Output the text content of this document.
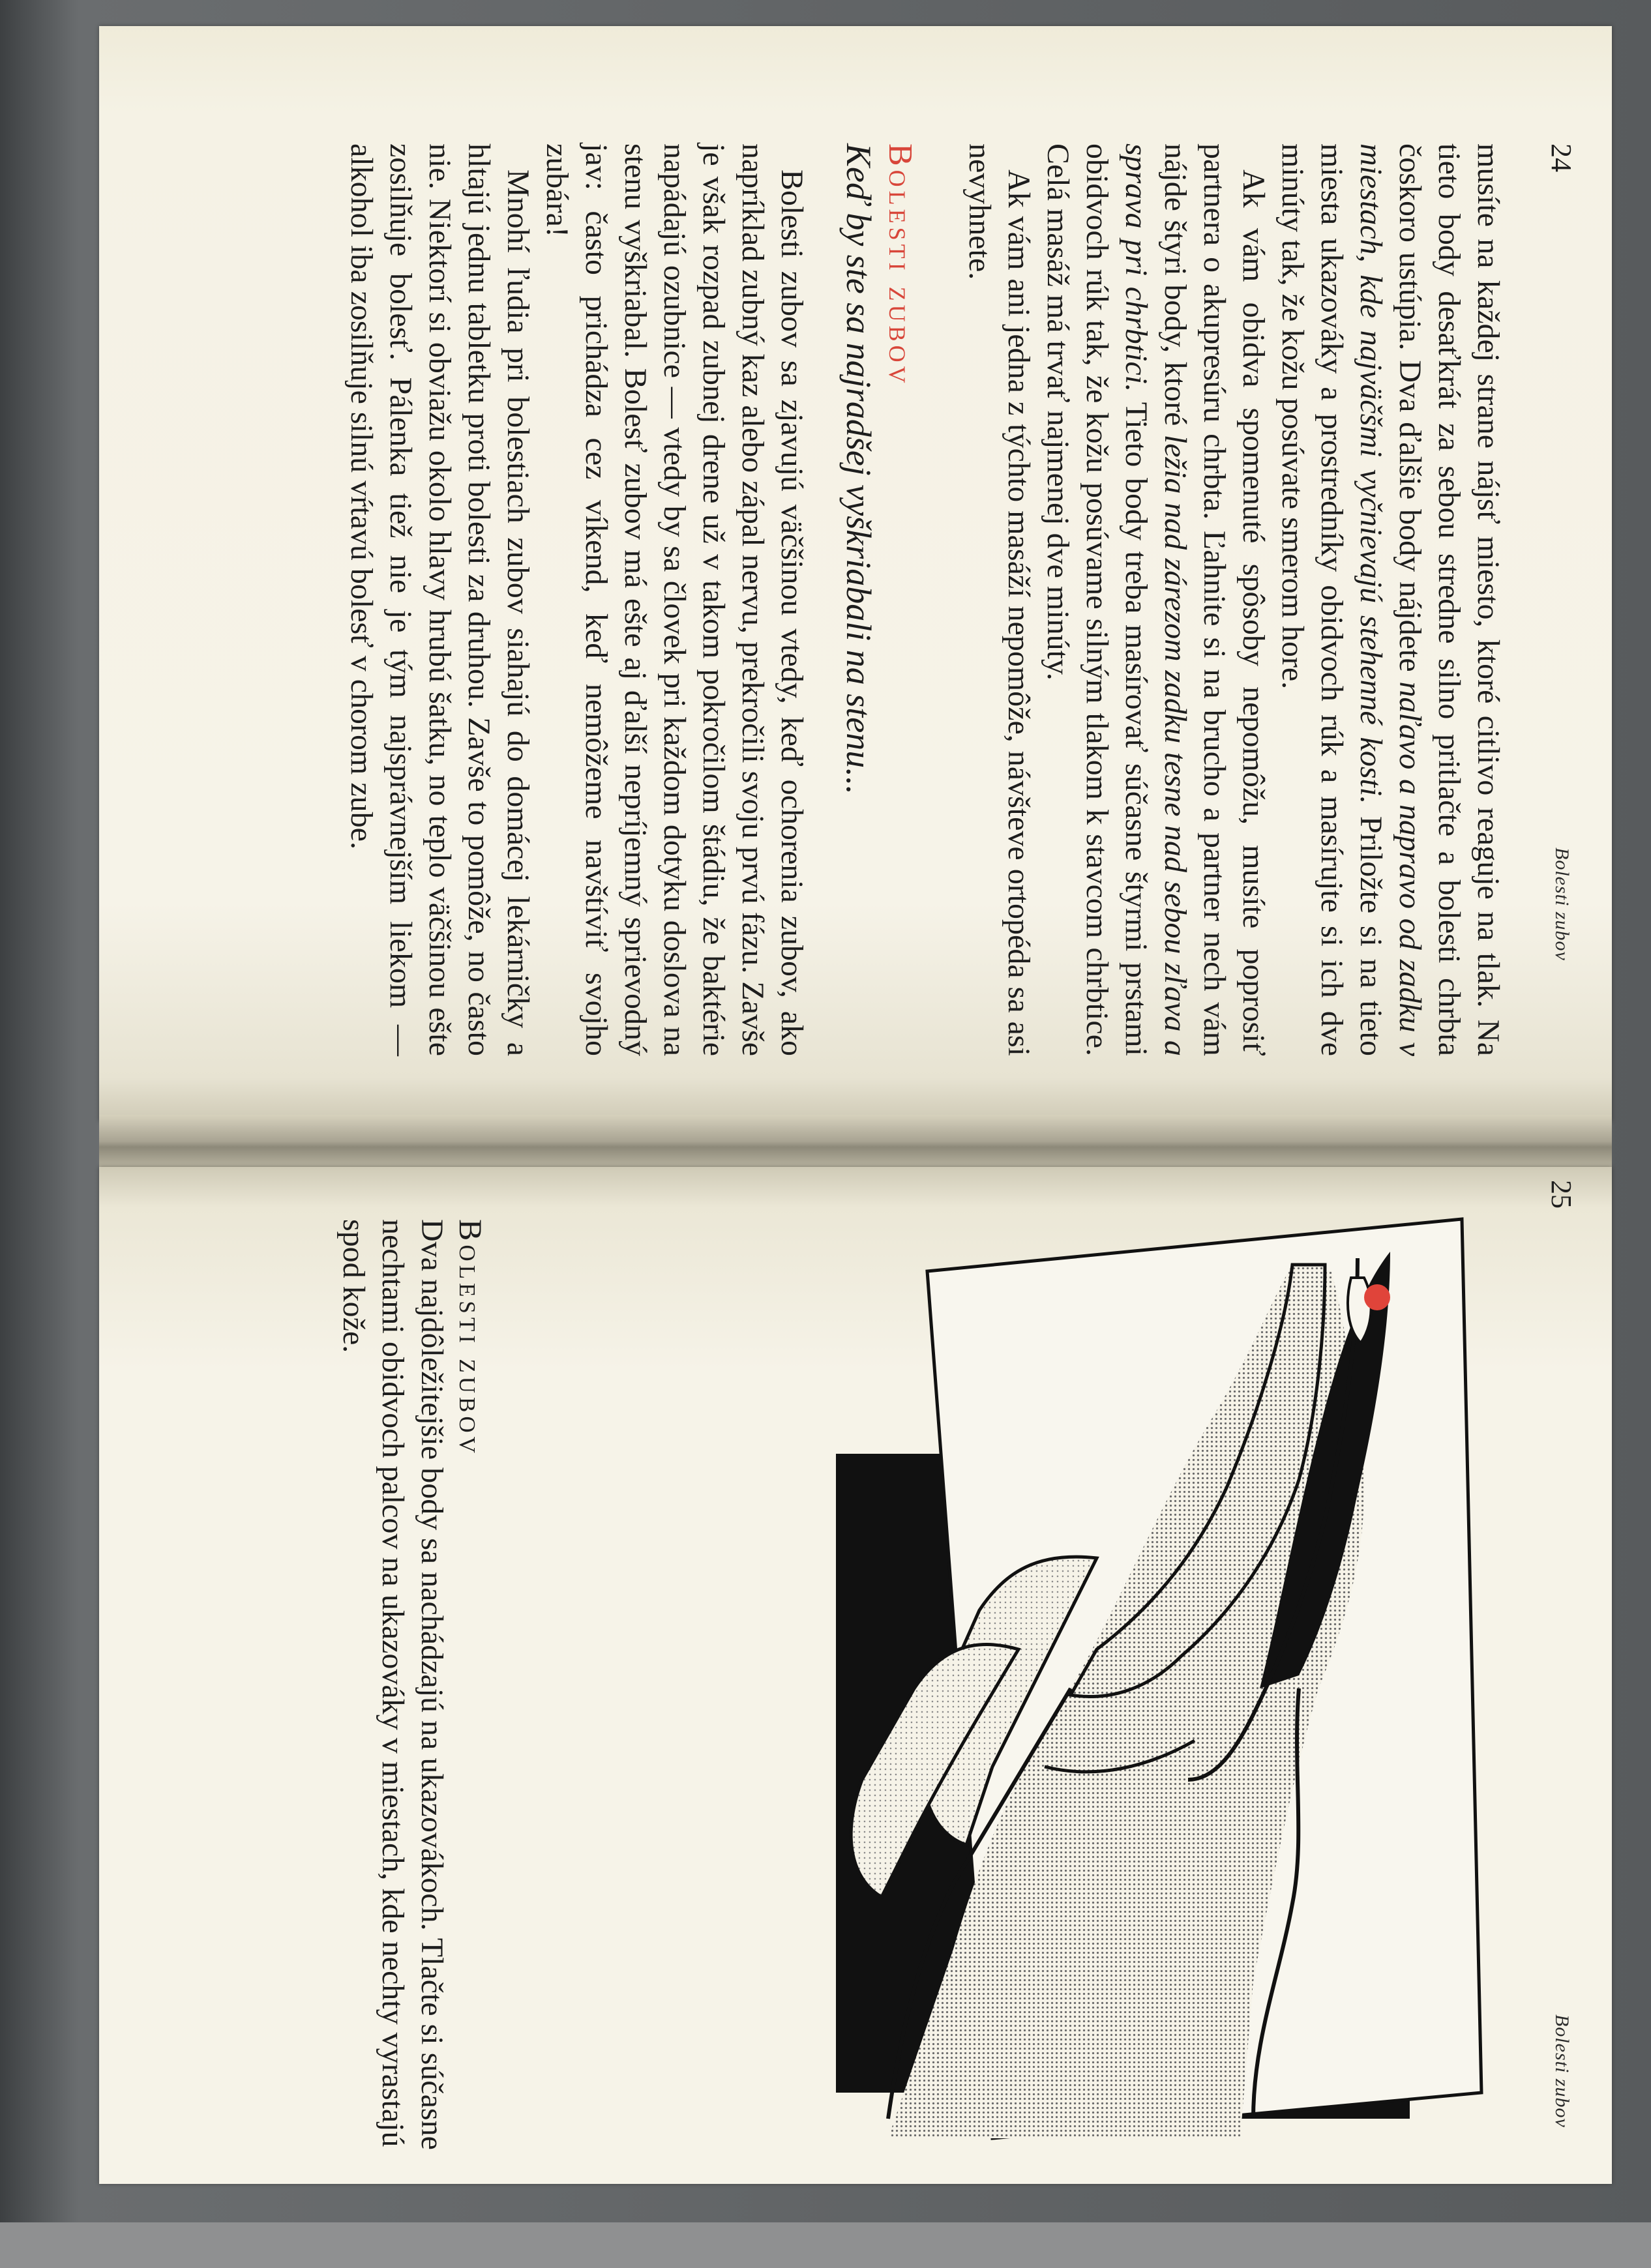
Bolesti zubov
24

musíte na každej strane nájsť miesto, ktoré citlivo reaguje na tlak. Na tieto body desaťkrát za sebou stredne silno pritlačte a bolesti chrbta čoskoro ustúpia. Dva ďalšie body nájdete naľavo a napravo od zadku v miestach, kde najväčšmi vyčnievajú stehenné kosti. Priložte si na tieto miesta ukazováky a prostredníky obidvoch rúk a masírujte si ich dve minúty tak, že kožu posúvate smerom hore.

Ak vám obidva spomenuté spôsoby nepomôžu, musíte poprosiť partnera o akupresúru chrbta. Ľahnite si na brucho a partner nech vám nájde štyri body, ktoré ležia nad zárezom zadku tesne nad sebou zľava a sprava pri chrbtici. Tieto body treba masírovať súčasne štyrmi prstami obidvoch rúk tak, že kožu posúvame silným tlakom k stavcom chrbtice. Celá masáž má trvať najmenej dve minúty.

Ak vám ani jedna z týchto masáží nepomôže, návšteve ortopéda sa asi nevyhnete.

Bolesti zubov

Keď by ste sa najradšej vyškriabali na stenu...

Bolesti zubov sa zjavujú väčšinou vtedy, keď ochorenia zubov, ako napríklad zubný kaz alebo zápal nervu, prekročili svoju prvú fázu. Zavše je však rozpad zubnej drene už v takom pokročilom štádiu, že baktérie napádajú ozubnice — vtedy by sa človek pri každom dotyku doslova na stenu vyškriabal. Bolesť zubov má ešte aj ďalší nepríjemný sprievodný jav: často prichádza cez víkend, keď nemôžeme navštíviť svojho zubára!

Mnohí ľudia pri bolestiach zubov siahajú do domácej lekárničky a hltajú jednu tabletku proti bolesti za druhou. Zavše to pomôže, no často nie. Niektorí si obviažu okolo hlavy hrubú šatku, no teplo väčšinou ešte zosilňuje bolesť. Pálenka tiež nie je tým najsprávnejším liekom — alkohol iba zosilňuje silnú vŕtavú bolesť v chorom zube.

25
Bolesti zubov
Bolesti zubov

Dva najdôležitejšie body sa nachádzajú na ukazovákoch. Tlačte si súčasne nechtami obidvoch palcov na ukazováky v miestach, kde nechty vyrastajú spod kože.
